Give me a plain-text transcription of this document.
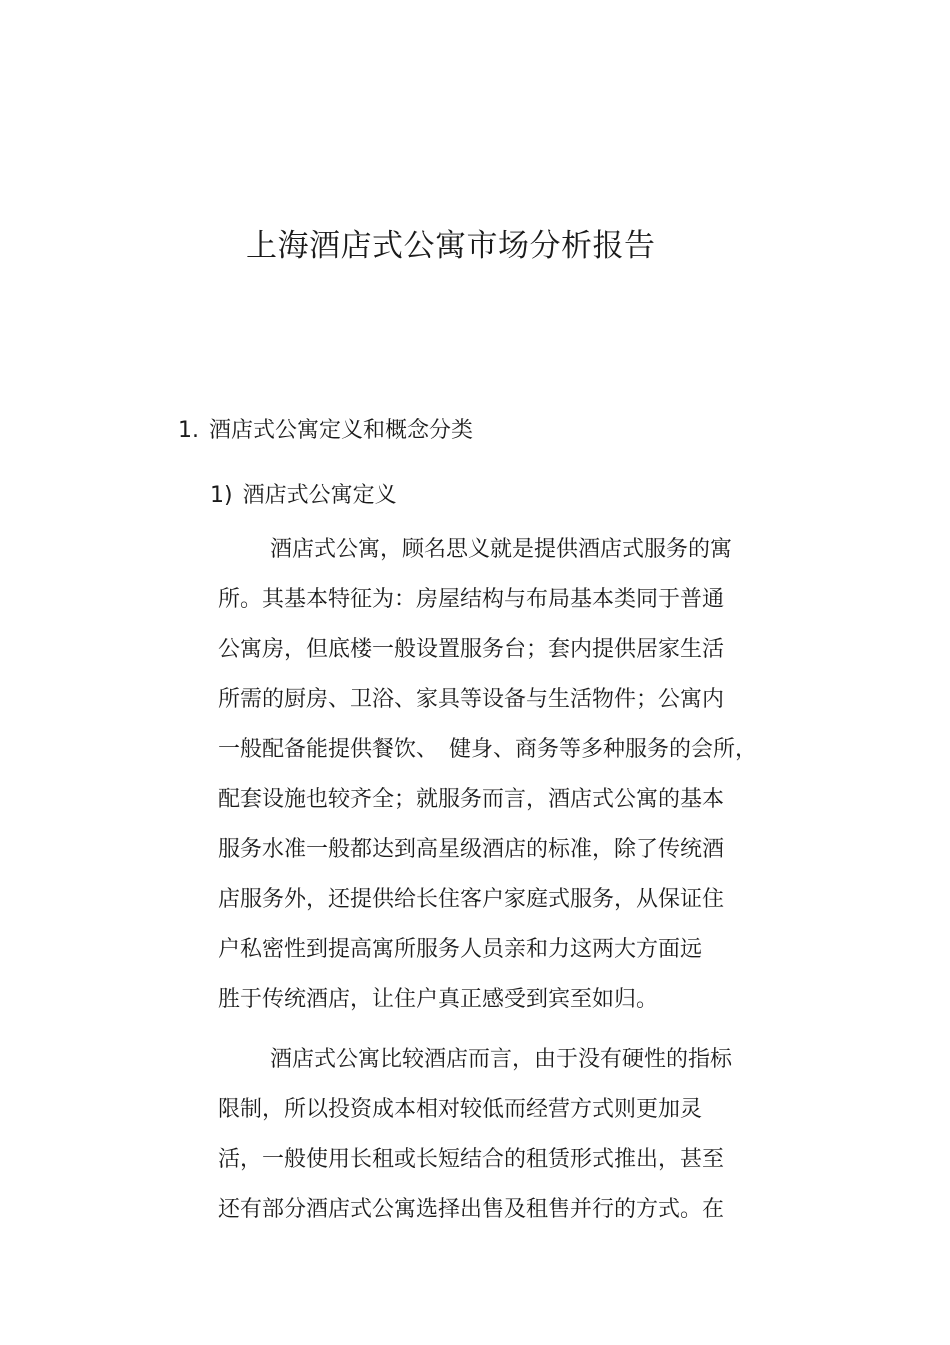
上海酒店式公寓市场分析报告
1. 酒店式公寓定义和概念分类
1) 酒店式公寓定义
酒店式公寓，顾名思义就是提供酒店式服务的寓
所。其基本特征为：房屋结构与布局基本类同于普通
公寓房，但底楼一般设置服务台；套内提供居家生活
所需的厨房、卫浴、家具等设备与生活物件；公寓内
一般配备能提供餐饮、　健身、商务等多种服务的会所，
配套设施也较齐全；就服务而言，酒店式公寓的基本
服务水准一般都达到高星级酒店的标准，除了传统酒
店服务外，还提供给长住客户家庭式服务，从保证住
户私密性到提高寓所服务人员亲和力这两大方面远
胜于传统酒店，让住户真正感受到宾至如归。
酒店式公寓比较酒店而言，由于没有硬性的指标
限制，所以投资成本相对较低而经营方式则更加灵
活，一般使用长租或长短结合的租赁形式推出，甚至
还有部分酒店式公寓选择出售及租售并行的方式。在
